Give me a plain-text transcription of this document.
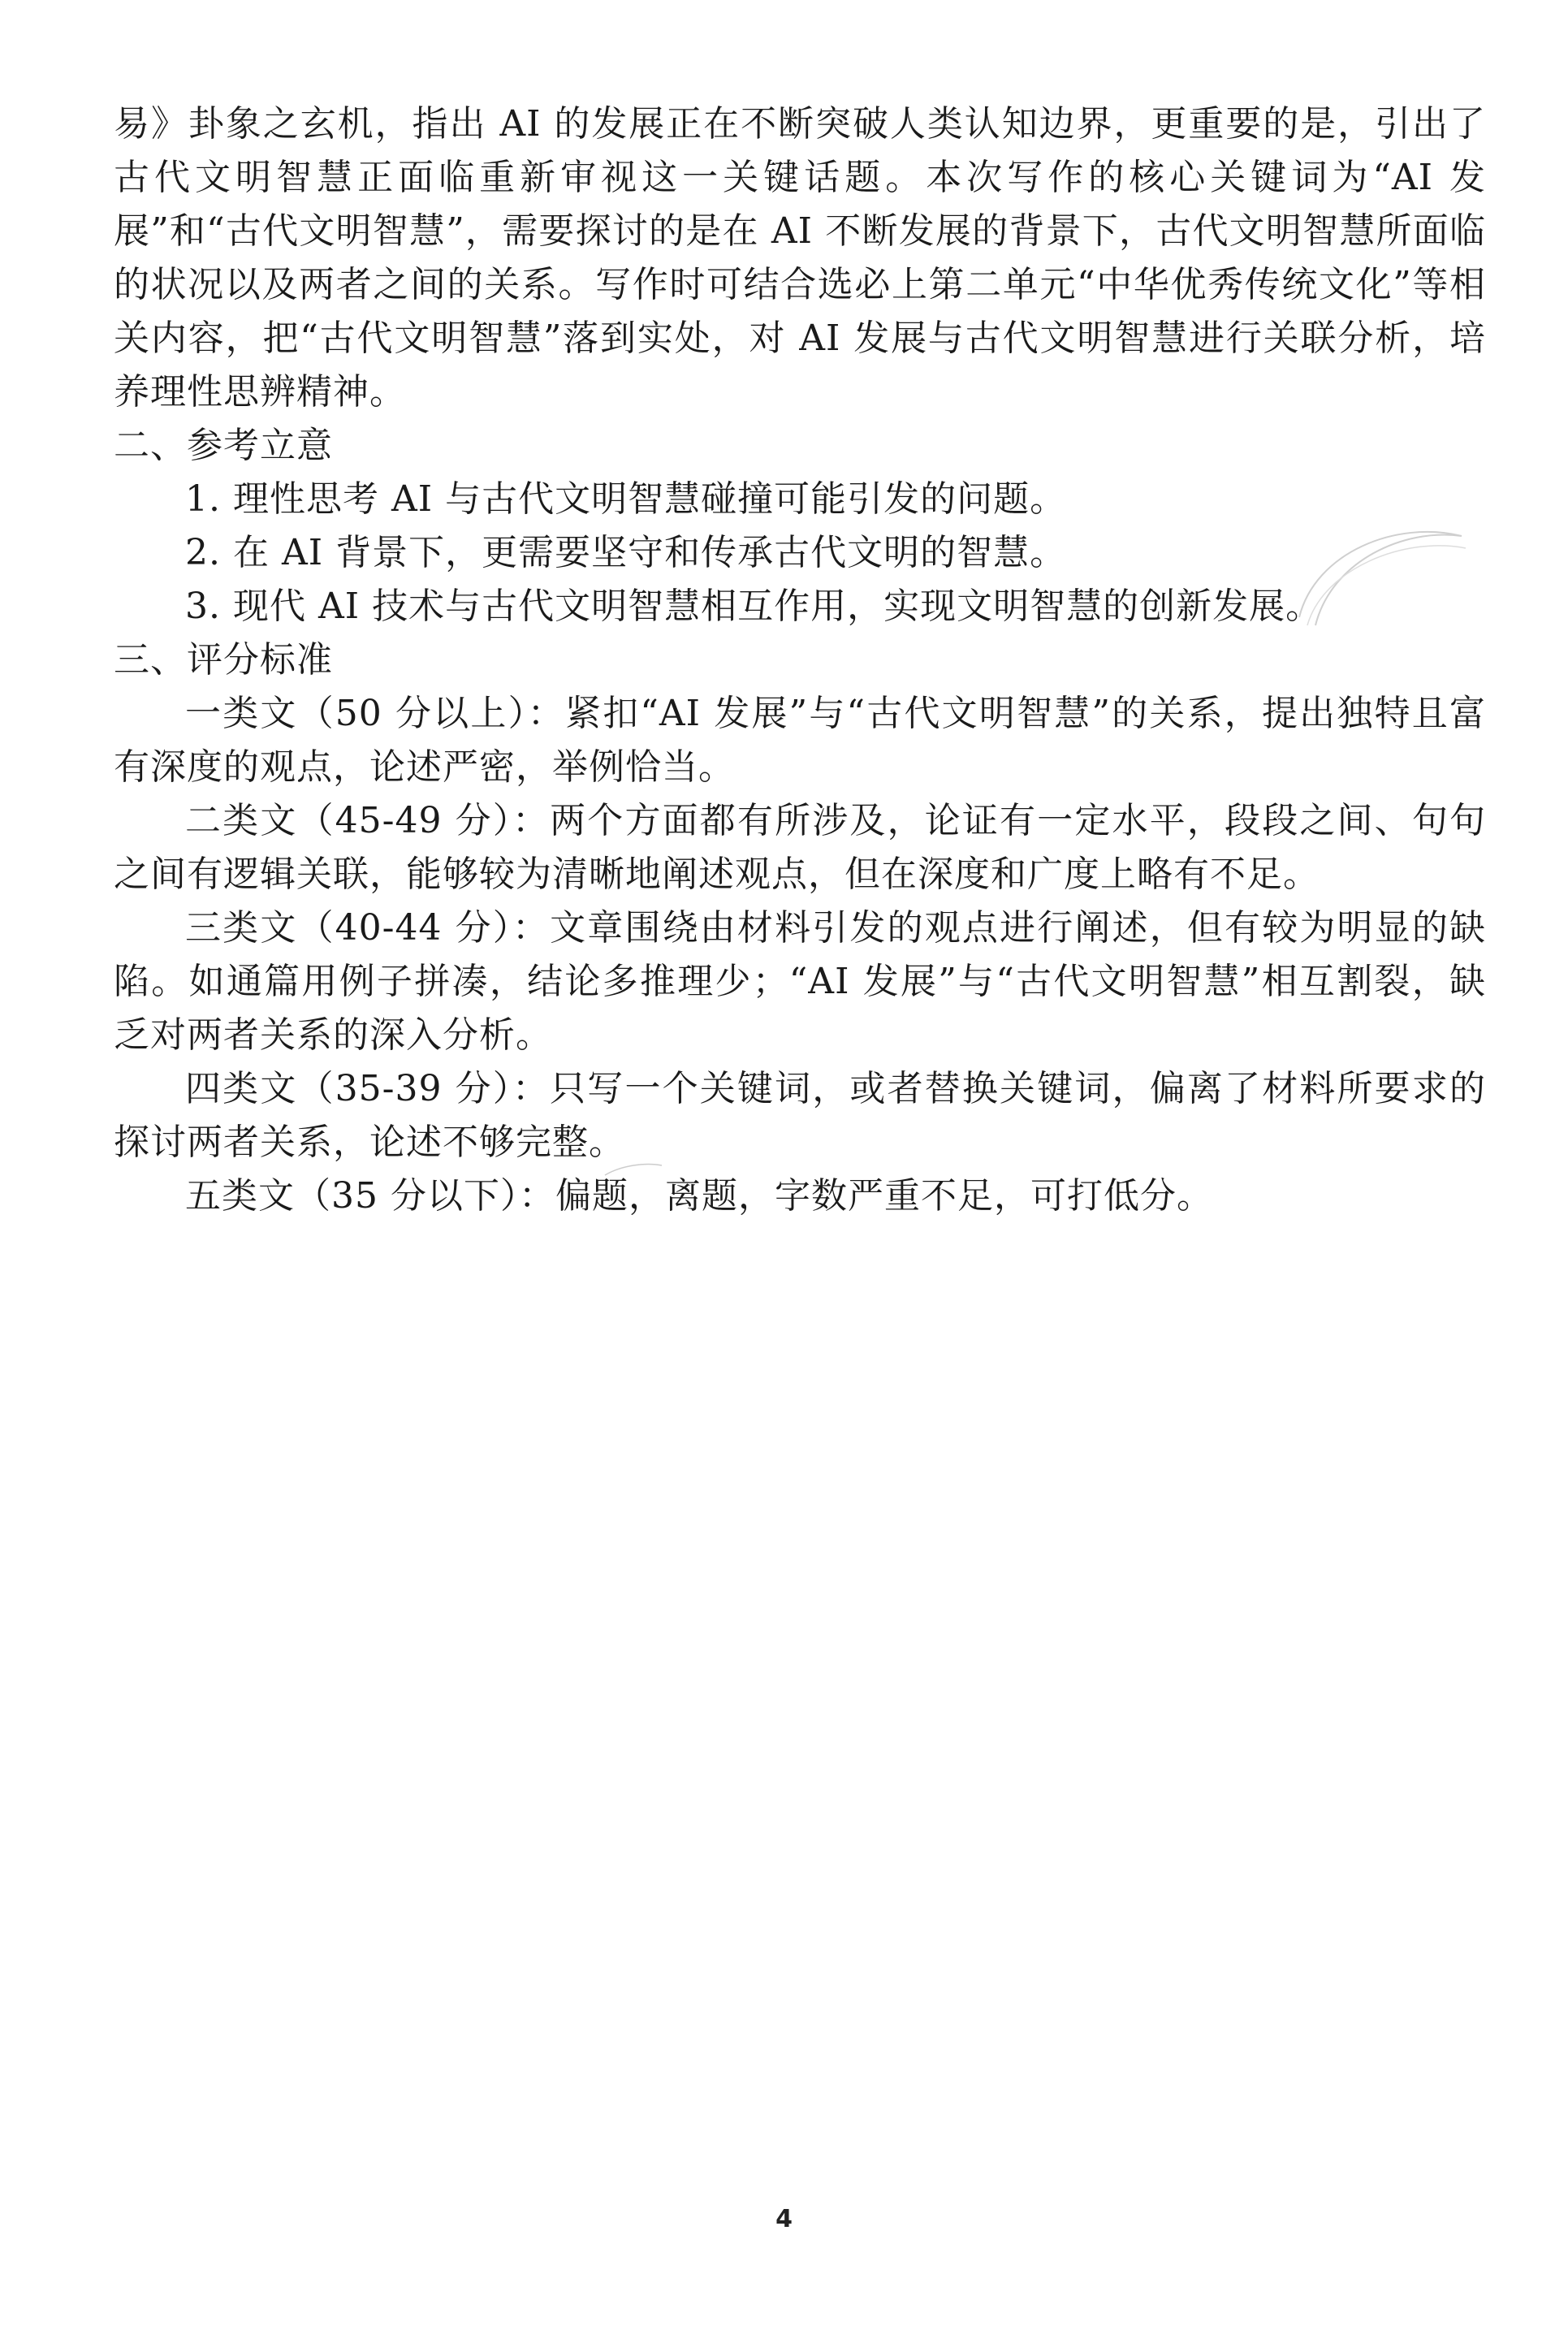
易》卦象之玄机，指出 AI 的发展正在不断突破人类认知边界，更重要的是，引出了古代文明智慧正面临重新审视这一关键话题。本次写作的核心关键词为“AI 发展”和“古代文明智慧”，需要探讨的是在 AI 不断发展的背景下，古代文明智慧所面临的状况以及两者之间的关系。写作时可结合选必上第二单元“中华优秀传统文化”等相关内容，把“古代文明智慧”落到实处，对 AI 发展与古代文明智慧进行关联分析，培养理性思辨精神。

二、参考立意

1. 理性思考 AI 与古代文明智慧碰撞可能引发的问题。

2. 在 AI 背景下，更需要坚守和传承古代文明的智慧。

3. 现代 AI 技术与古代文明智慧相互作用，实现文明智慧的创新发展。

三、评分标准

一类文（50 分以上）：紧扣“AI 发展”与“古代文明智慧”的关系，提出独特且富有深度的观点，论述严密，举例恰当。

二类文（45-49 分）：两个方面都有所涉及，论证有一定水平，段段之间、句句之间有逻辑关联，能够较为清晰地阐述观点，但在深度和广度上略有不足。

三类文（40-44 分）：文章围绕由材料引发的观点进行阐述，但有较为明显的缺陷。如通篇用例子拼凑，结论多推理少；“AI 发展”与“古代文明智慧”相互割裂，缺乏对两者关系的深入分析。

四类文（35-39 分）：只写一个关键词，或者替换关键词，偏离了材料所要求的探讨两者关系，论述不够完整。

五类文（35 分以下）：偏题，离题，字数严重不足，可打低分。

4
